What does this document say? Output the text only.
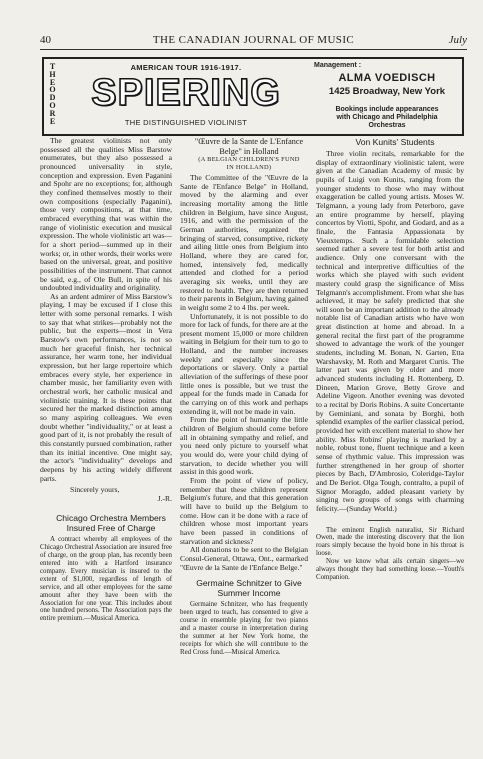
40	THE CANADIAN JOURNAL OF MUSIC	July
T
H
E
O
D
O
R
E
AMERICAN TOUR 1916-1917.
SPIERING
THE DISTINGUISHED VIOLINIST
Management :
ALMA VOEDISCH
1425 Broadway, New York
Bookings include appearances
with Chicago and Philadelphia
Orchestras

The greatest violinists not only possessed all the qualities Miss Barstow enumerates, but they also possessed a pronounced universality in style, conception and expression. Even Paganini and Spohr are no exceptions; for, although they confined themselves mostly to their own compositions (especially Paganini), those very compositions, at that time, embraced everything that was within the range of violinistic execution and musical expression. The whole violinistic art was—for a short period—summed up in their works; or, in other words, their works were based on the universal, great, and positive possibilities of the instrument. That cannot be said, e.g., of Ole Bull, in spite of his undoubted individuality and originality.

As an ardent admirer of Miss Barstow's playing, I may be excused if I close this letter with some personal remarks. I wish to say that what strikes—probably not the public, but the experts—most in Vera Barstow's own performances, is not so much her graceful finish, her technical assurance, her warm tone, her individual expression, but her large repertoire which embraces every style, her experience in chamber music, her familiarity even with orchestral work, her catholic musical and violinistic training. It is these points that secured her the marked distinction among so many aspiring colleagues. We even doubt whether "individuality," or at least a good part of it, is not probably the result of this constantly pursued combination, rather than its initial incentive. One might say, the actor's "individuality" develops and deepens by his acting widely different parts.

Sincerely yours,

J.-R.

Chicago Orchestra Members

Insured Free of Charge

A contract whereby all employees of the Chicago Orchestral Association are insured free of charge, on the group plan, has recently been entered into with a Hartford insurance company. Every musician is insured to the extent of $1,000, regardless of length of service, and all other employees for the same amount after they have been with the Association for one year. This includes about one hundred persons. The Association pays the entire premium.—Musical America.

"Œuvre de la Sante de L'Enfance

Belge" in Holland

(A BELGIAN CHILDREN'S FUND

IN HOLLAND)

The Committee of the "Œuvre de la Sante de l'Enfance Belge" in Holland, moved by the alarming and ever increasing mortality among the little children in Belgium, have since August, 1916, and with the permission of the German authorities, organized the bringing of starved, consumptive, rickety and ailing little ones from Belgium into Holland, where they are cared for, homed, intensively fed, medically attended and clothed for a period averaging six weeks, until they are restored to health. They are then returned to their parents in Belgium, having gained in weight some 2 to 4 lbs. per week.

Unfortunately, it is not possible to do more for lack of funds, for there are at the present moment 15,000 or more children waiting in Belgium for their turn to go to Holland, and the number increases weekly and especially since the deportations or slavery. Only a partial alleviation of the sufferings of these poor little ones is possible, but we trust the appeal for the funds made in Canada for the carrying on of this work and perhaps extending it, will not be made in vain.

From the point of humanity the little children of Belgium should come before all in obtaining sympathy and relief, and you need only picture to yourself what you would do, were your child dying of starvation, to decide whether you will assist in this good work.

From the point of view of policy, remember that these children represent Belgium's future, and that this generation will have to build up the Belgium to come. How can it be done with a race of children whose most important years have been passed in conditions of starvation and sickness?

All donations to be sent to the Belgian Consul-General, Ottawa, Ont., earmarked "Œuvre de la Sante de l'Enfance Belge."

Germaine Schnitzer to Give

Summer Income

Germaine Schnitzer, who has frequently been urged to teach, has consented to give a course in ensemble playing for two pianos and a master course in interpretation during the summer at her New York home, the receipts for which she will contribute to the Red Cross fund.—Musical America.

Von Kunits' Students

Three violin recitals, remarkable for the display of extraordinary violinistic talent, were given at the Canadian Academy of music by pupils of Luigi von Kunits, ranging from the younger students to those who may without exaggeration be called young artists. Moses W. Telgmann, a young lady from Peterboro, gave an entire programme by herself, playing concertos by Viotti, Spohr, and Godard, and as a finale, the Fantasia Appassionata by Vieuxtemps. Such a formidable selection seemed rather a severe test for both artist and audience. Only one conversant with the technical and interpretive difficulties of the works which she played with such evident mastery could grasp the significance of Miss Telgmann's accomplishment. From what she has achieved, it may be safely predicted that she will soon be an important addition to the already notable list of Canadian artists who have won great distinction at home and abroad. In a general recital the first part of the programme showed to advantage the work of the younger students, including M. Bonan, N. Garten, Etta Warshavsky, M. Roth and Margaret Curtis. The latter part was given by older and more advanced students including H. Rottenberg, D. Dineen, Marion Grove, Betty Grove and Adeline Vigeon. Another evening was devoted to a recital by Doris Robins. A suite Concertante by Geminiani, and sonata by Borghi, both splendid examples of the earlier classical period, provided her with excellent material to show her ability. Miss Robins' playing is marked by a noble, robust tone, fluent technique and a keen sense of rhythmic value. This impression was further strengthened in her group of shorter pieces by Bach, D'Ambrosio, Coleridge-Taylor and De Beriot. Olga Tough, contralto, a pupil of Signor Moragdo, added pleasant variety by singing two groups of songs with charming felicity.—(Sunday World.)

The eminent English naturalist, Sir Richard Owen, made the interesting discovery that the lion roars simply because the hyoid bone in his throat is loose.

Now we know what ails certain singers—we always thought they had something loose.—Youth's Companion.
